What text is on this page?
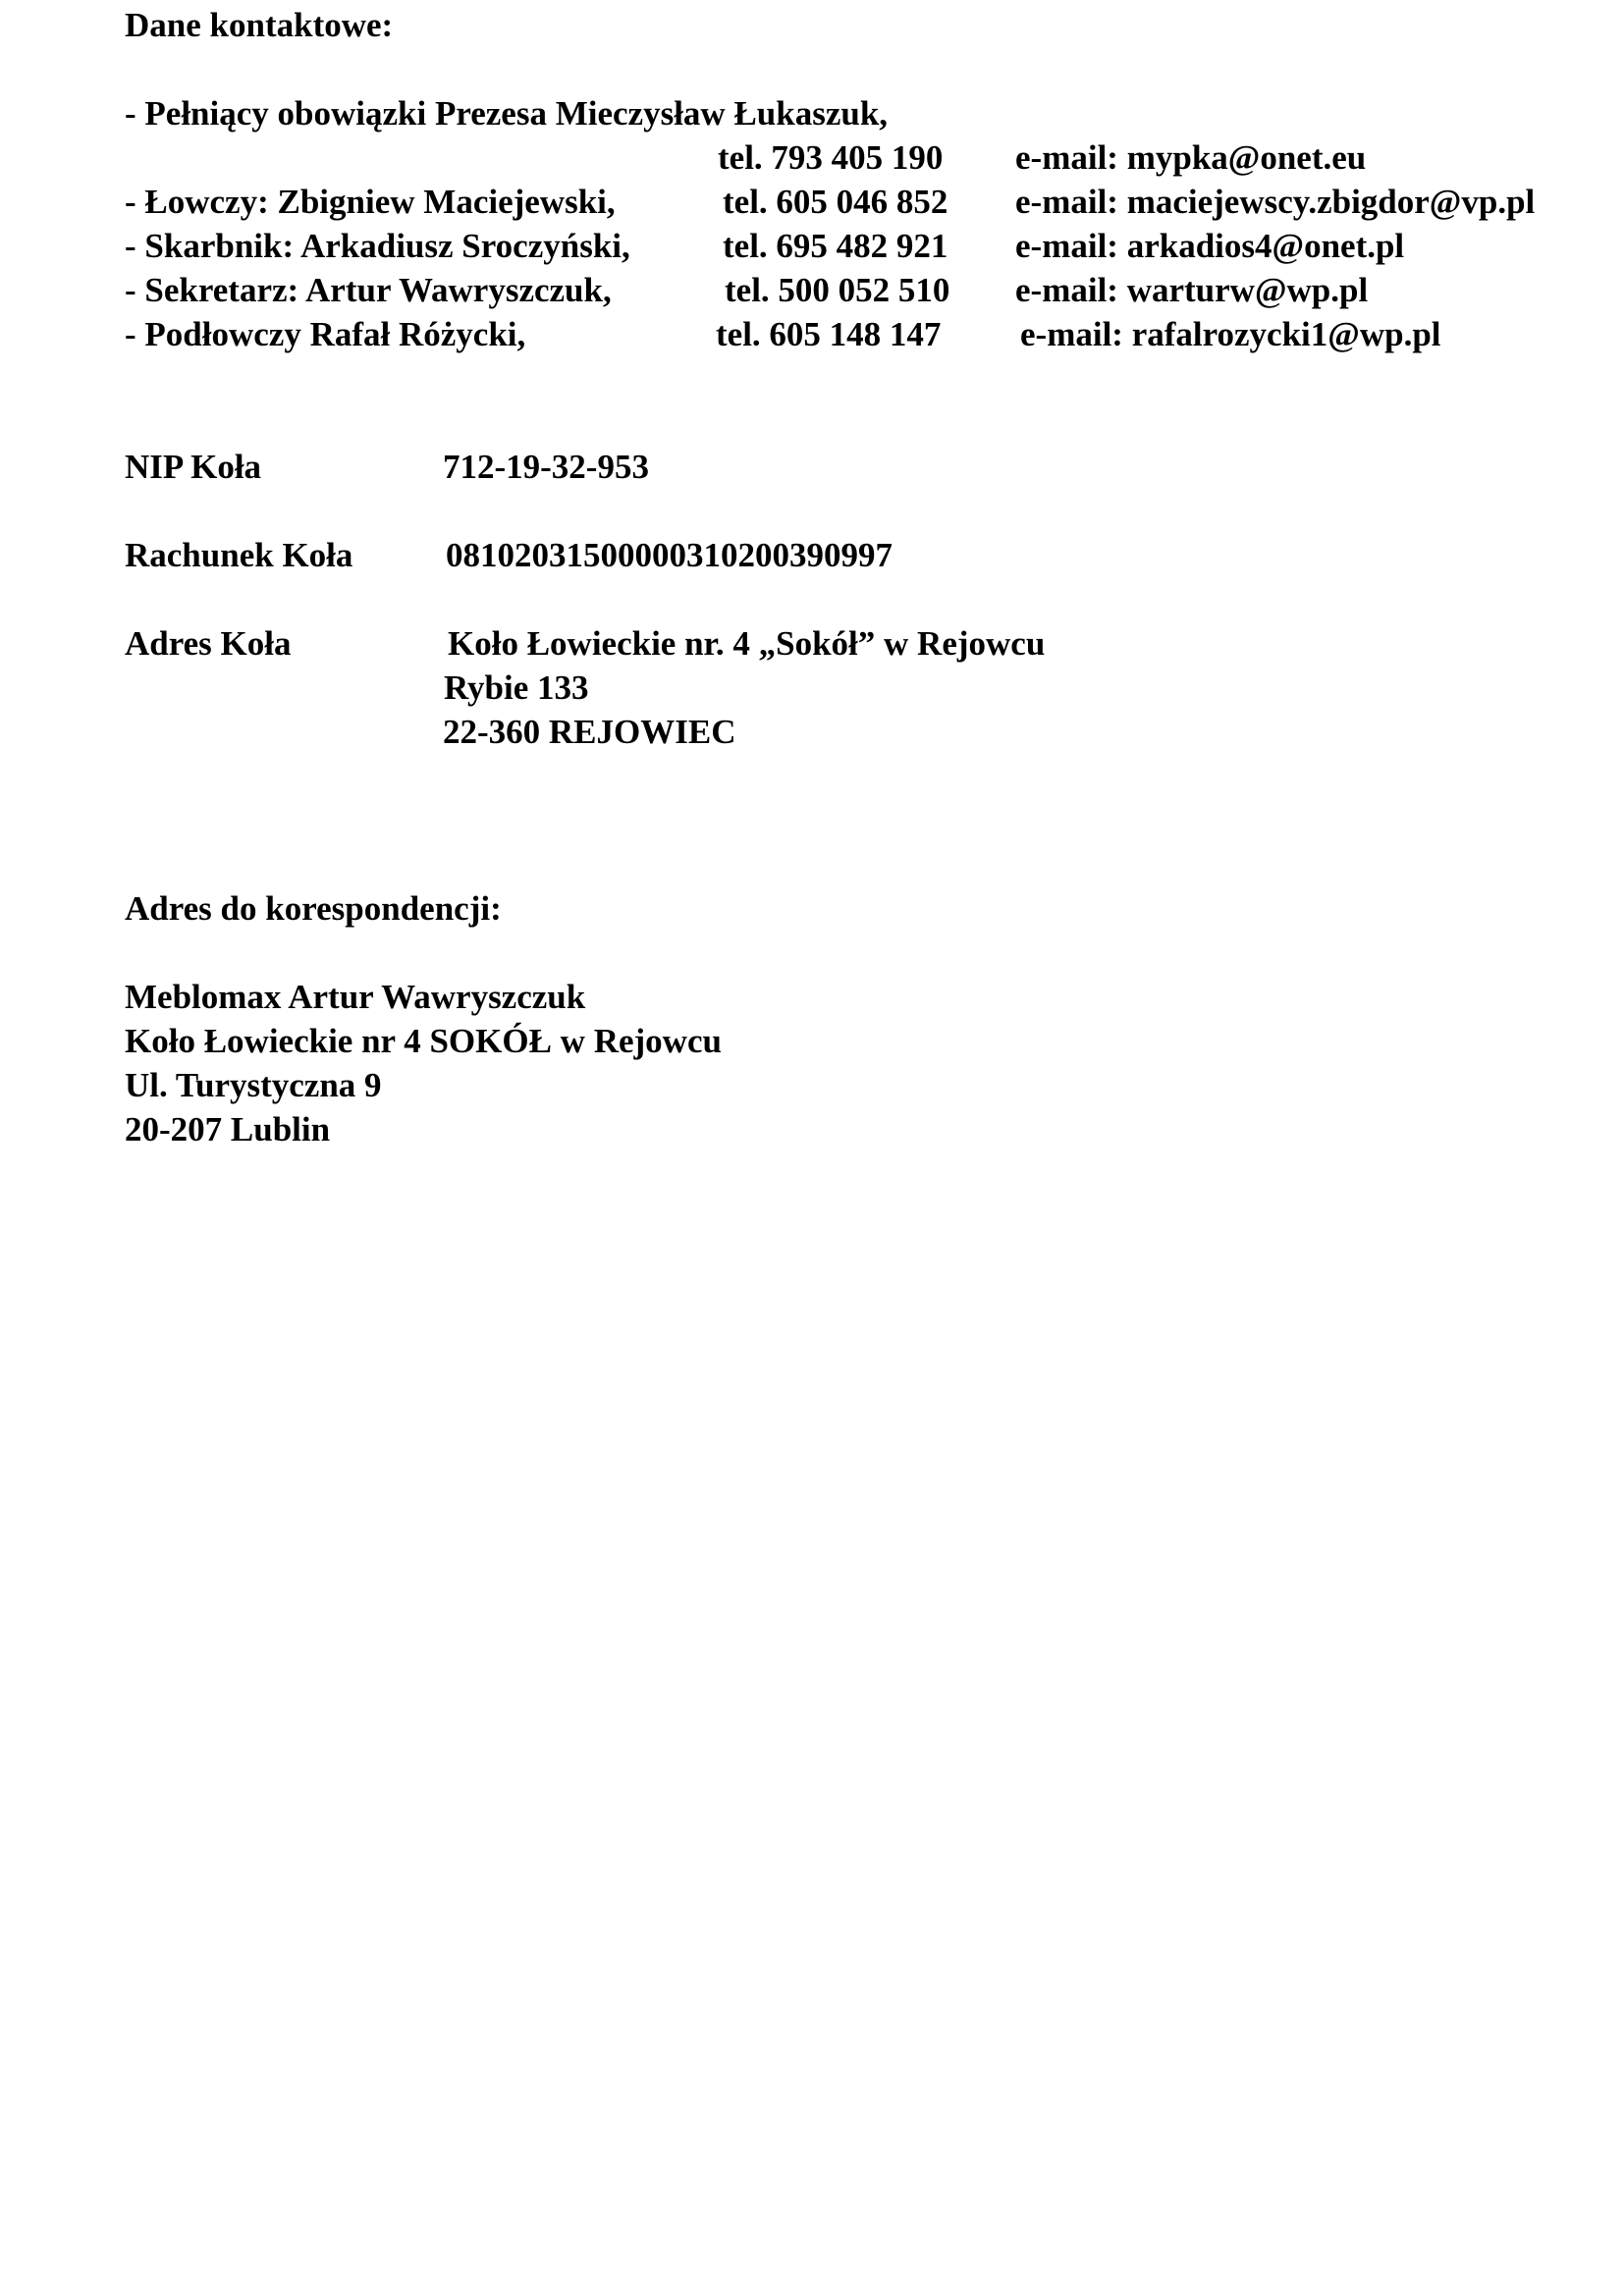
Dane kontaktowe:
- Pełniący obowiązki Prezesa Mieczysław Łukaszuk,
tel. 793 405 190 e-mail: mypka@onet.eu
- Łowczy: Zbigniew Maciejewski,	tel. 605 046 852 e-mail: maciejewscy.zbigdor@vp.pl
- Skarbnik: Arkadiusz Sroczyński,	tel. 695 482 921 e-mail: arkadios4@onet.pl
- Sekretarz: Artur Wawryszczuk,	tel. 500 052 510 e-mail: warturw@wp.pl
- Podłowczy Rafał Różycki,	tel. 605 148 147 e-mail: rafalrozycki1@wp.pl
NIP Koła	712-19-32-953
Rachunek Koła	08102031500000310200390997
Adres Koła	Koło Łowieckie nr. 4 „Sokół” w Rejowcu
Rybie 133
22-360 REJOWIEC
Adres do korespondencji:
Meblomax Artur Wawryszczuk
Koło Łowieckie nr 4 SOKÓŁ w Rejowcu
Ul. Turystyczna 9
20-207 Lublin
